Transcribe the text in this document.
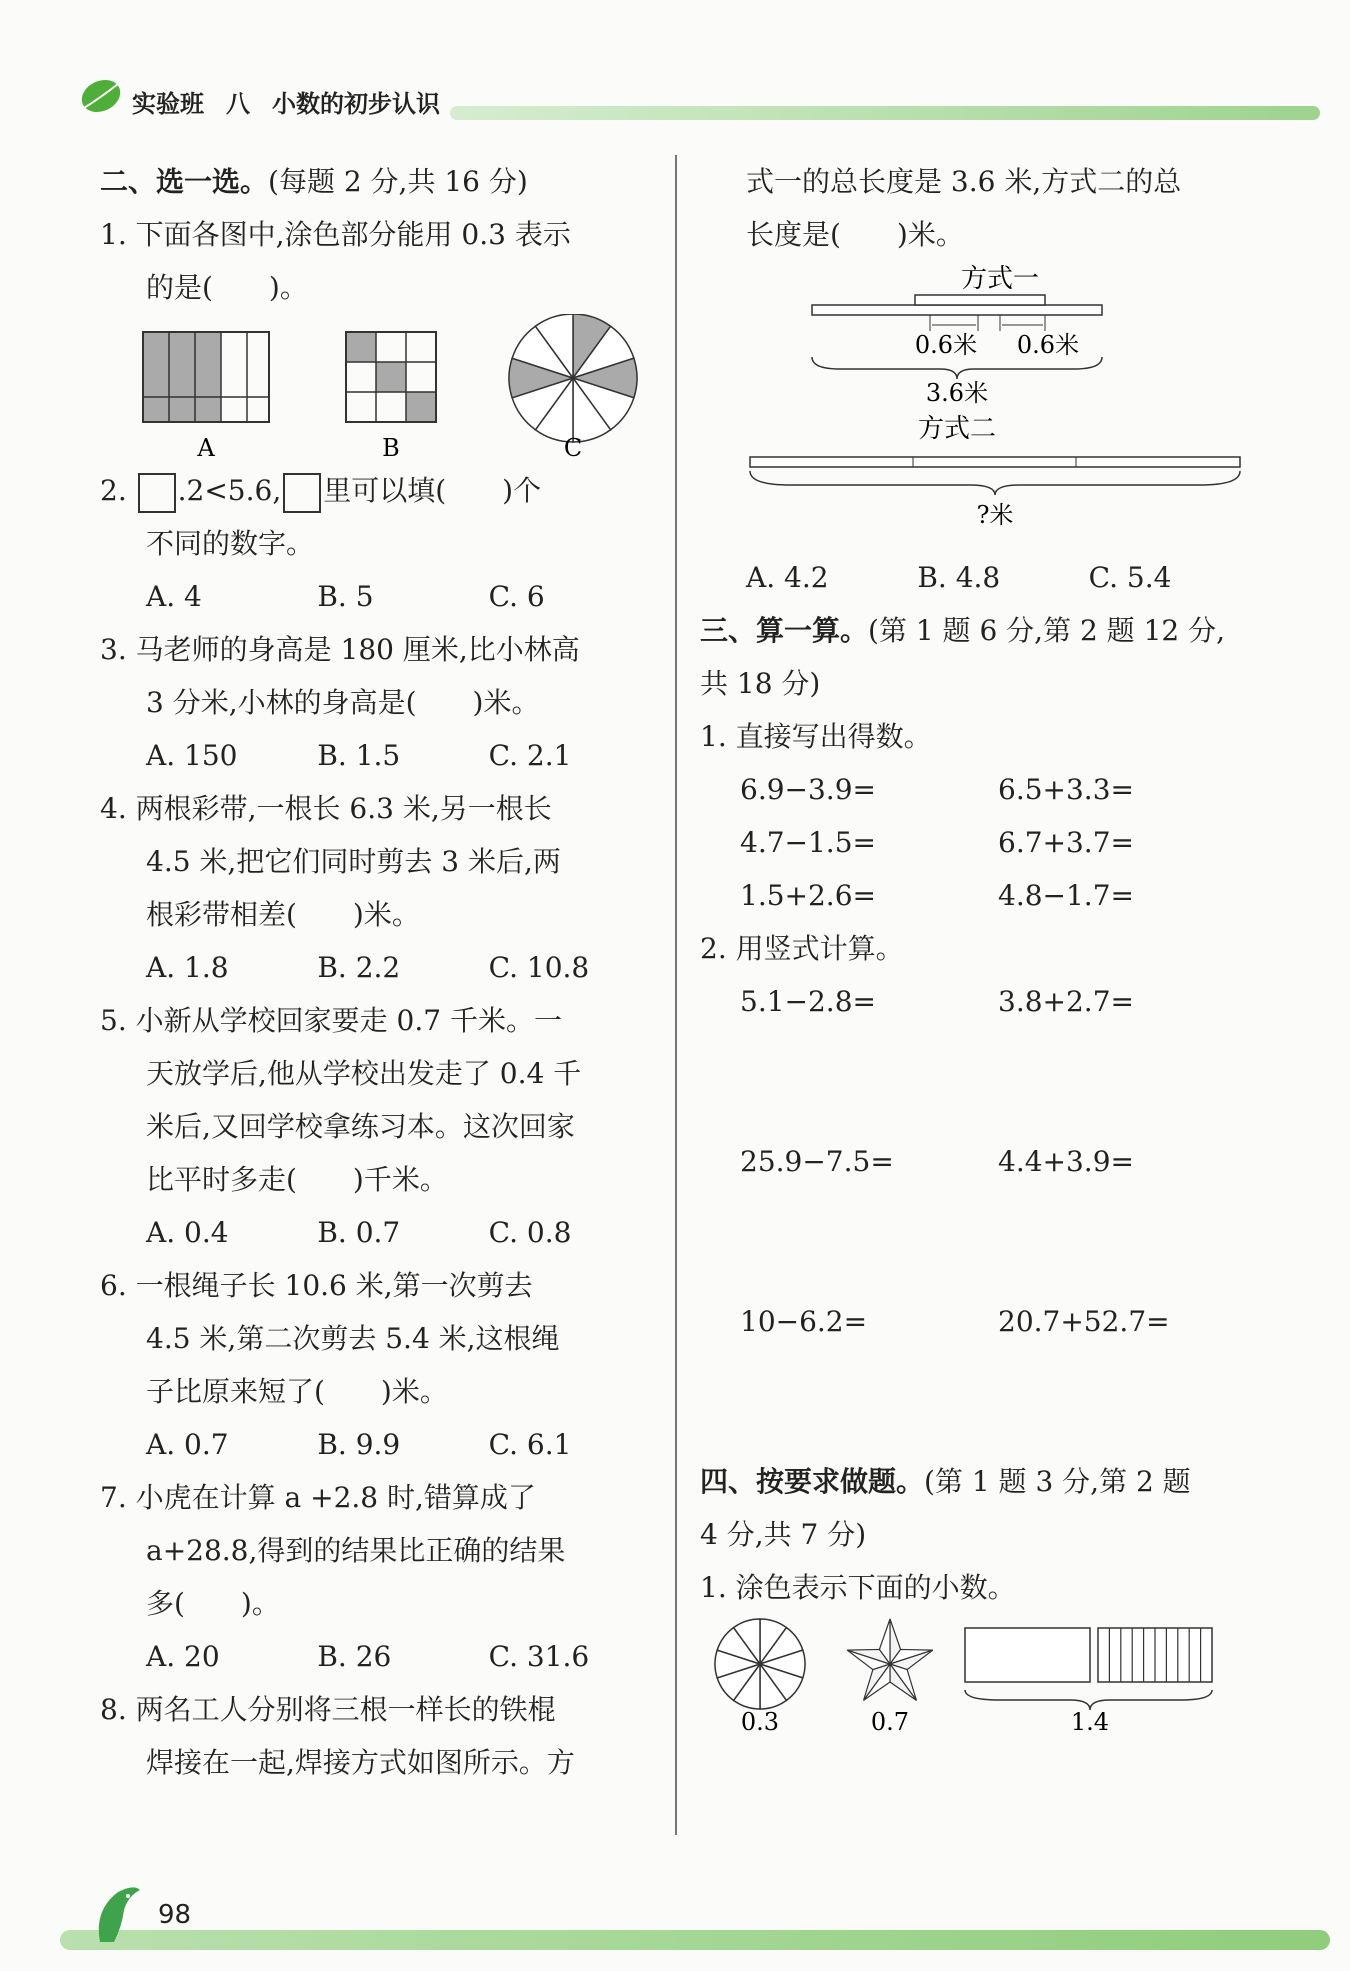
实验班 八 小数的初步认识
二、选一选。(每题 2 分,共 16 分)
1. 下面各图中,涂色部分能用 0.3 表示
的是(　　)。
A	B	C
2. .2<5.6, 里可以填(　　)个
不同的数字。
A. 4	B. 5	C. 6
3. 马老师的身高是 180 厘米,比小林高
3 分米,小林的身高是(　　)米。
A. 150	B. 1.5	C. 2.1
4. 两根彩带,一根长 6.3 米,另一根长
4.5 米,把它们同时剪去 3 米后,两
根彩带相差(　　)米。
A. 1.8	B. 2.2	C. 10.8
5. 小新从学校回家要走 0.7 千米。一
天放学后,他从学校出发走了 0.4 千
米后,又回学校拿练习本。这次回家
比平时多走(　　)千米。
A. 0.4	B. 0.7	C. 0.8
6. 一根绳子长 10.6 米,第一次剪去
4.5 米,第二次剪去 5.4 米,这根绳
子比原来短了(　　)米。
A. 0.7	B. 9.9	C. 6.1
7. 小虎在计算 a +2.8 时,错算成了
a+28.8,得到的结果比正确的结果
多(　　)。
A. 20	B. 26	C. 31.6
8. 两名工人分别将三根一样长的铁棍
焊接在一起,焊接方式如图所示。方
式一的总长度是 3.6 米,方式二的总
长度是(　　)米。
方式一
0.6米 0.6米
3.6米
方式二
?米
A. 4.2	B. 4.8	C. 5.4
三、算一算。(第 1 题 6 分,第 2 题 12 分,
共 18 分)
1. 直接写出得数。
6.9−3.9=	6.5+3.3=
4.7−1.5=	6.7+3.7=
1.5+2.6=	4.8−1.7=
2. 用竖式计算。
5.1−2.8=	3.8+2.7=
25.9−7.5=	4.4+3.9=
10−6.2=	20.7+52.7=
四、按要求做题。(第 1 题 3 分,第 2 题
4 分,共 7 分)
1. 涂色表示下面的小数。
0.3	0.7	1.4
98
